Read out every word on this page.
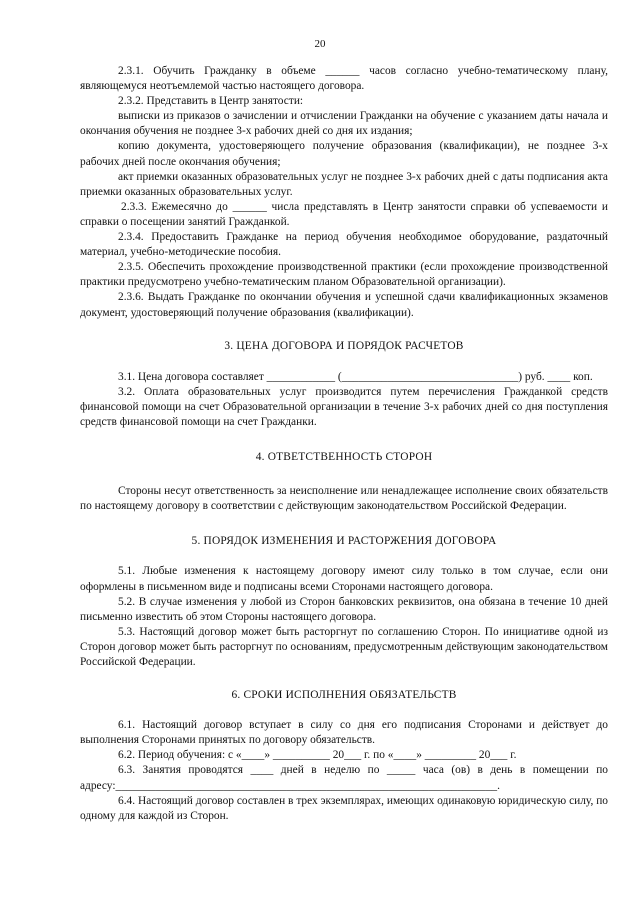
20

2.3.1. Обучить Гражданку в объеме ______ часов согласно учебно-тематическому плану, являющемуся неотъемлемой частью настоящего договора.

2.3.2. Представить в Центр занятости:

выписки из приказов о зачислении и отчислении Гражданки на обучение с указанием даты начала и окончания обучения не позднее 3-х рабочих дней со дня их издания;

копию документа, удостоверяющего получение образования (квалификации), не позднее 3-х рабочих дней после окончания обучения;

акт приемки оказанных образовательных услуг не позднее 3-х рабочих дней с даты подписания акта приемки оказанных образовательных услуг.

2.3.3. Ежемесячно до ______ числа представлять в Центр занятости справки об успеваемости и справки о посещении занятий Гражданкой.

2.3.4. Предоставить Гражданке на период обучения необходимое оборудование, раздаточный материал, учебно-методические пособия.

2.3.5. Обеспечить прохождение производственной практики (если прохождение производственной практики предусмотрено учебно-тематическим планом Образовательной организации).

2.3.6. Выдать Гражданке по окончании обучения и успешной сдачи квалификационных экзаменов документ, удостоверяющий получение образования (квалификации).

3. ЦЕНА ДОГОВОРА И ПОРЯДОК РАСЧЕТОВ

3.1. Цена договора составляет ____________ (_______________________________) руб. ____ коп.

3.2. Оплата образовательных услуг производится путем перечисления Гражданкой средств финансовой помощи на счет Образовательной организации в течение 3-х рабочих дней со дня поступления средств финансовой помощи на счет Гражданки.

4. ОТВЕТСТВЕННОСТЬ СТОРОН

Стороны несут ответственность за неисполнение или ненадлежащее исполнение своих обязательств по настоящему договору в соответствии с действующим законодательством Российской Федерации.

5. ПОРЯДОК ИЗМЕНЕНИЯ И РАСТОРЖЕНИЯ ДОГОВОРА

5.1. Любые изменения к настоящему договору имеют силу только в том случае, если они оформлены в письменном виде и подписаны всеми Сторонами настоящего договора.

5.2. В случае изменения у любой из Сторон банковских реквизитов, она обязана в течение 10 дней письменно известить об этом Стороны настоящего договора.

5.3. Настоящий договор может быть расторгнут по соглашению Сторон. По инициативе одной из Сторон договор может быть расторгнут по основаниям, предусмотренным действующим законодательством Российской Федерации.

6. СРОКИ ИСПОЛНЕНИЯ ОБЯЗАТЕЛЬСТВ

6.1. Настоящий договор вступает в силу со дня его подписания Сторонами и действует до выполнения Сторонами принятых по договору обязательств.

6.2. Период обучения: с «____» __________ 20___ г. по «____» _________ 20___ г.

6.3. Занятия проводятся ____ дней в неделю по _____ часа (ов) в день в помещении по адресу:___________________________________________________________________.

6.4. Настоящий договор составлен в трех экземплярах, имеющих одинаковую юридическую силу, по одному для каждой из Сторон.
